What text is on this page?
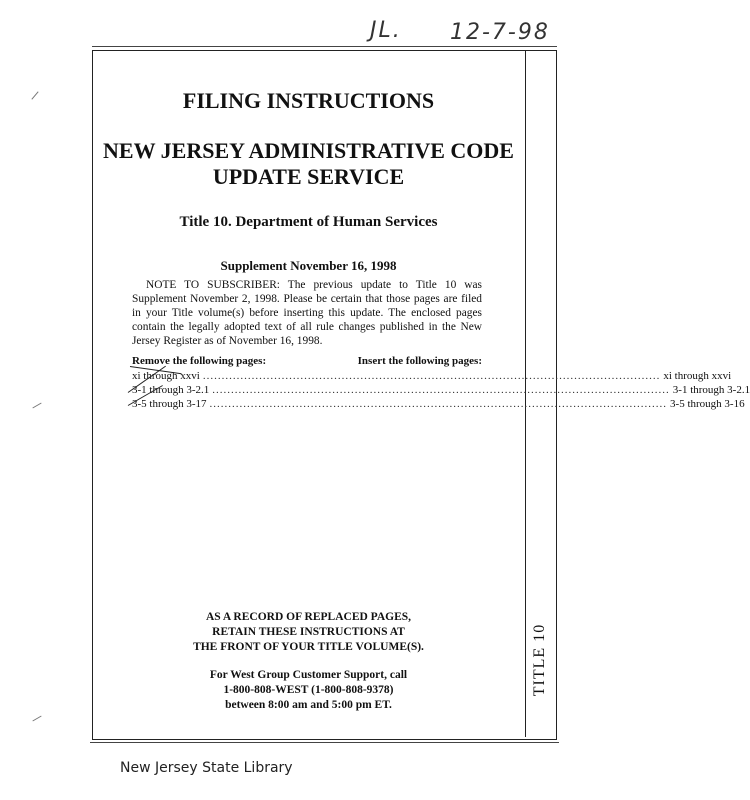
JL. 12-7-98
FILING INSTRUCTIONS
NEW JERSEY ADMINISTRATIVE CODE
UPDATE SERVICE
Title 10. Department of Human Services
Supplement November 16, 1998
NOTE TO SUBSCRIBER: The previous update to Title 10 was Supplement November 2, 1998. Please be certain that those pages are filed in your Title volume(s) before inserting this update. The enclosed pages contain the legally adopted text of all rule changes published in the New Jersey Register as of November 16, 1998.
Remove the following pages:	Insert the following pages:
xi through xxvi .......................................................................................................................... xi through xxvi
3-1 through 3-2.1 .......................................................................................................................... 3-1 through 3-2.1
3-5 through 3-17 .......................................................................................................................... 3-5 through 3-16
AS A RECORD OF REPLACED PAGES,
RETAIN THESE INSTRUCTIONS AT
THE FRONT OF YOUR TITLE VOLUME(S).
For West Group Customer Support, call
1-800-808-WEST (1-800-808-9378)
between 8:00 am and 5:00 pm ET.
TITLE 10
New Jersey State Library
